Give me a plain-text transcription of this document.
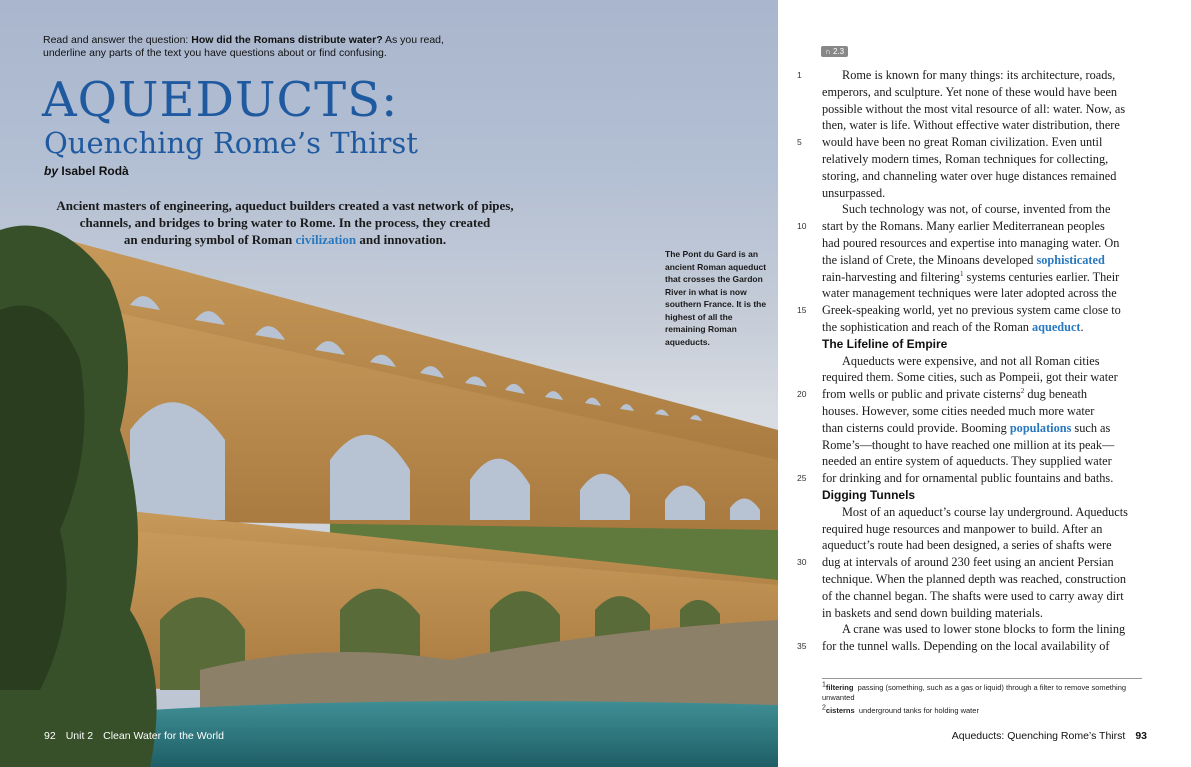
Read and answer the question: How did the Romans distribute water? As you read, underline any parts of the text you have questions about or find confusing.
AQUEDUCTS:
Quenching Rome’s Thirst
by Isabel Rodà
Ancient masters of engineering, aqueduct builders created a vast network of pipes,
channels, and bridges to bring water to Rome. In the process, they created
an enduring symbol of Roman civilization and innovation.
The Pont du Gard is an ancient Roman aqueduct that crosses the Gardon River in what is now southern France. It is the highest of all the remaining Roman aqueducts.
92 Unit 2 Clean Water for the World
∩ 2.3
1
5
10
15
20
25
30
35
Rome is known for many things: its architecture, roads,
emperors, and sculpture. Yet none of these would have been
possible without the most vital resource of all: water. Now, as
then, water is life. Without effective water distribution, there
would have been no great Roman civilization. Even until
relatively modern times, Roman techniques for collecting,
storing, and channeling water over huge distances remained
unsurpassed.
Such technology was not, of course, invented from the
start by the Romans. Many earlier Mediterranean peoples
had poured resources and expertise into managing water. On
the island of Crete, the Minoans developed sophisticated
rain-harvesting and filtering$^1$ systems centuries earlier. Their
water management techniques were later adopted across the
Greek-speaking world, yet no previous system came close to
the sophistication and reach of the Roman aqueduct.
The Lifeline of Empire
Aqueducts were expensive, and not all Roman cities
required them. Some cities, such as Pompeii, got their water
from wells or public and private cisterns$^2$ dug beneath
houses. However, some cities needed much more water
than cisterns could provide. Booming populations such as
Rome’s—thought to have reached one million at its peak—
needed an entire system of aqueducts. They supplied water
for drinking and for ornamental public fountains and baths.
Digging Tunnels
Most of an aqueduct’s course lay underground. Aqueducts
required huge resources and manpower to build. After an
aqueduct’s route had been designed, a series of shafts were
dug at intervals of around 230 feet using an ancient Persian
technique. When the planned depth was reached, construction
of the channel began. The shafts were used to carry away dirt
in baskets and send down building materials.
A crane was used to lower stone blocks to form the lining
for the tunnel walls. Depending on the local availability of
$^1$filtering passing (something, such as a gas or liquid) through a filter to remove something unwanted
$^2$cisterns underground tanks for holding water
Aqueducts: Quenching Rome’s Thirst 93
